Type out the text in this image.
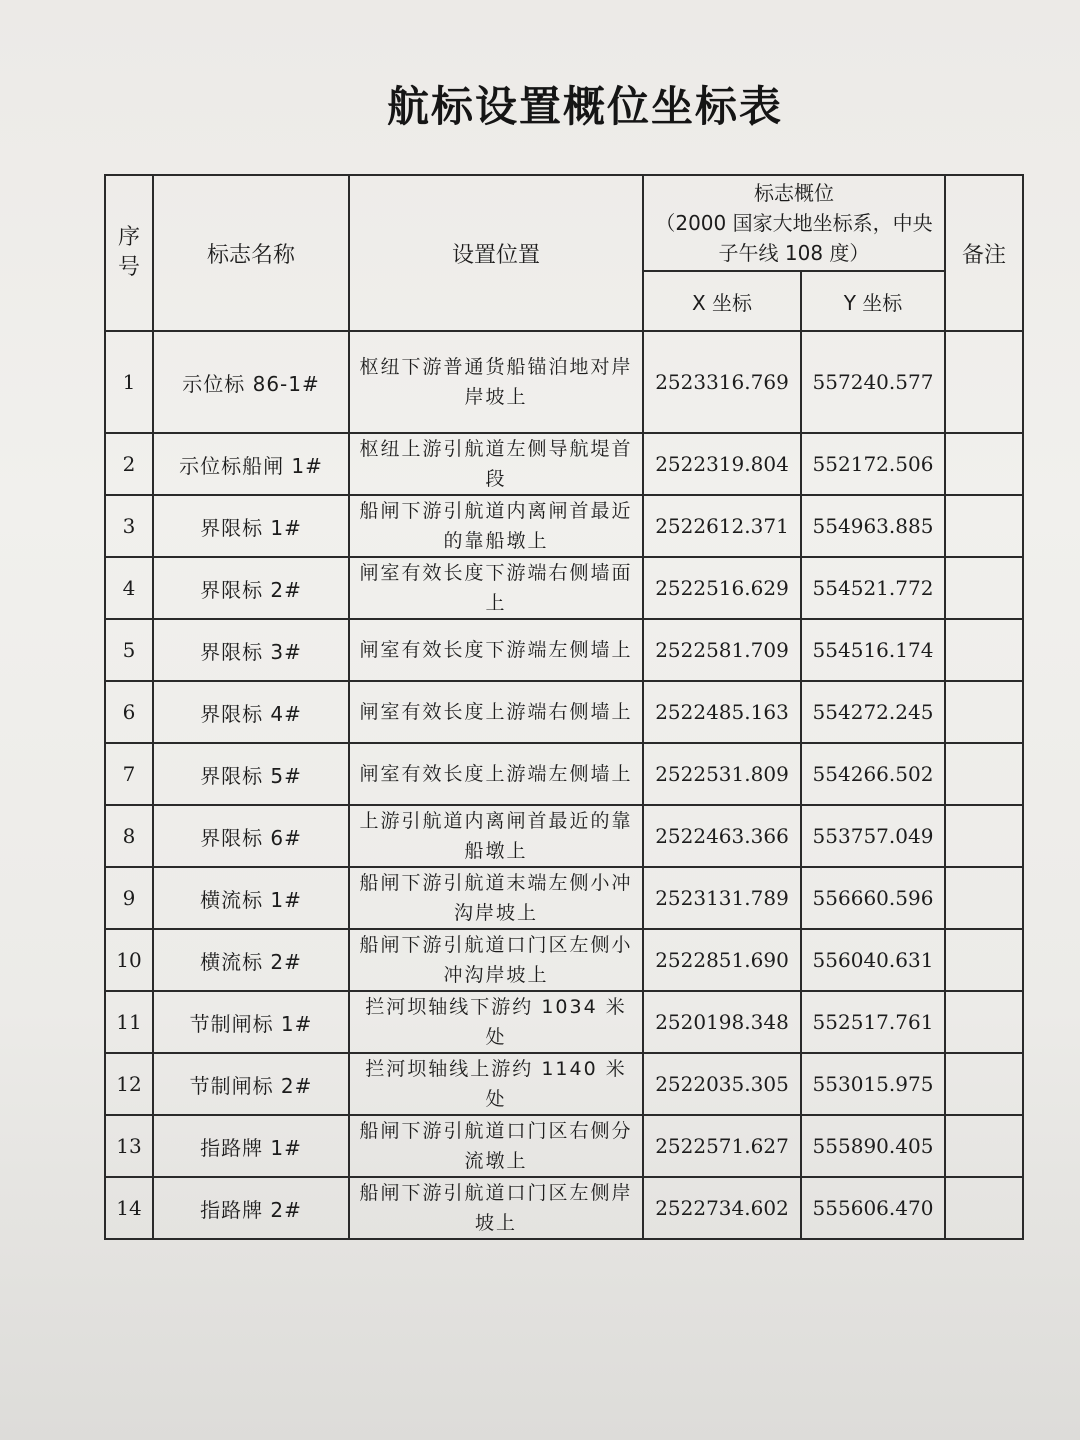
航标设置概位坐标表
序号	标志名称	设置位置	标志概位
（2000 国家大地坐标系，中央子午线 108 度）		备注
			X 坐标	Y 坐标	
1	示位标 86-1#	枢纽下游普通货船锚泊地对岸岸坡上	2523316.769	557240.577	
2	示位标船闸 1#	枢纽上游引航道左侧导航堤首段	2522319.804	552172.506	
3	界限标 1#	船闸下游引航道内离闸首最近的靠船墩上	2522612.371	554963.885	
4	界限标 2#	闸室有效长度下游端右侧墙面上	2522516.629	554521.772	
5	界限标 3#	闸室有效长度下游端左侧墙上	2522581.709	554516.174	
6	界限标 4#	闸室有效长度上游端右侧墙上	2522485.163	554272.245	
7	界限标 5#	闸室有效长度上游端左侧墙上	2522531.809	554266.502	
8	界限标 6#	上游引航道内离闸首最近的靠船墩上	2522463.366	553757.049	
9	横流标 1#	船闸下游引航道末端左侧小冲沟岸坡上	2523131.789	556660.596	
10	横流标 2#	船闸下游引航道口门区左侧小冲沟岸坡上	2522851.690	556040.631	
11	节制闸标 1#	拦河坝轴线下游约 1034 米处	2520198.348	552517.761	
12	节制闸标 2#	拦河坝轴线上游约 1140 米处	2522035.305	553015.975	
13	指路牌 1#	船闸下游引航道口门区右侧分流墩上	2522571.627	555890.405	
14	指路牌 2#	船闸下游引航道口门区左侧岸坡上	2522734.602	555606.470	
